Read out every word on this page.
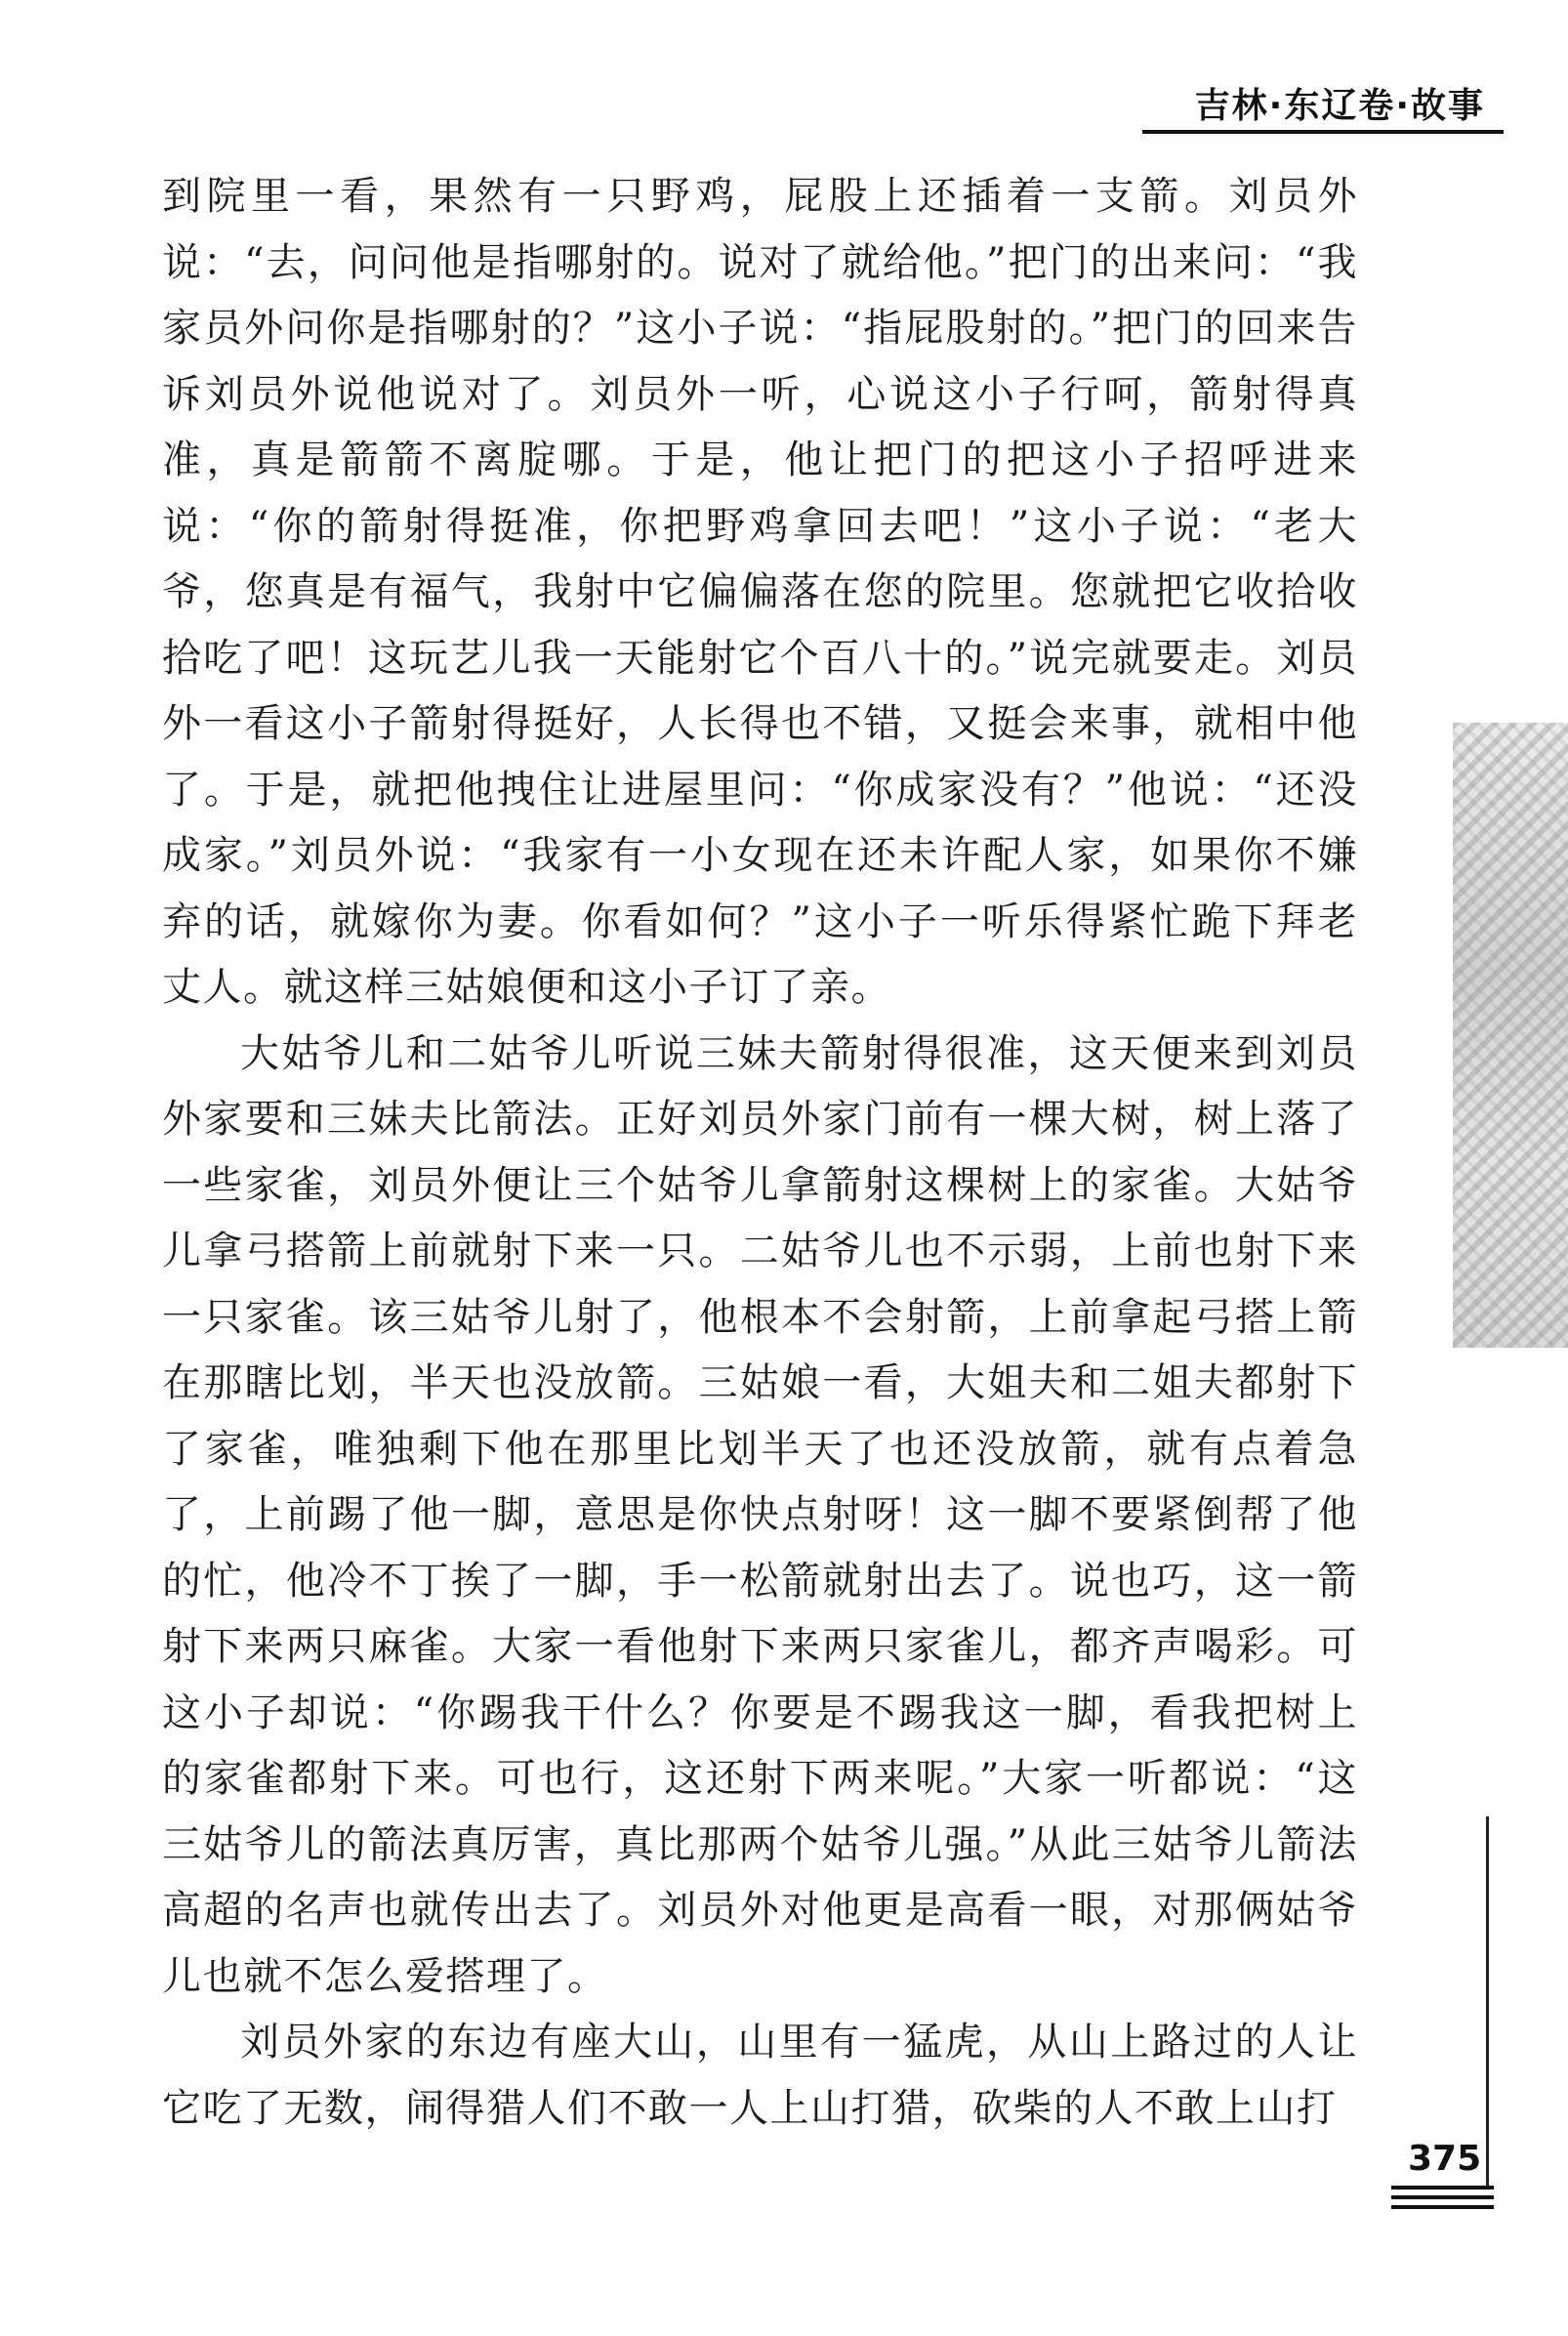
吉林·东辽卷·故事

到院里一看，果然有一只野鸡，屁股上还插着一支箭。刘员外说：“去，问问他是指哪射的。说对了就给他。”把门的出来问：“我家员外问你是指哪射的？”这小子说：“指屁股射的。”把门的回来告诉刘员外说他说对了。刘员外一听，心说这小子行呵，箭射得真准，真是箭箭不离腚哪。于是，他让把门的把这小子招呼进来说：“你的箭射得挺准，你把野鸡拿回去吧！”这小子说：“老大爷，您真是有福气，我射中它偏偏落在您的院里。您就把它收拾收拾吃了吧！这玩艺儿我一天能射它个百八十的。”说完就要走。刘员外一看这小子箭射得挺好，人长得也不错，又挺会来事，就相中他了。于是，就把他拽住让进屋里问：“你成家没有？”他说：“还没成家。”刘员外说：“我家有一小女现在还未许配人家，如果你不嫌弃的话，就嫁你为妻。你看如何？”这小子一听乐得紧忙跪下拜老丈人。就这样三姑娘便和这小子订了亲。

大姑爷儿和二姑爷儿听说三妹夫箭射得很准，这天便来到刘员外家要和三妹夫比箭法。正好刘员外家门前有一棵大树，树上落了一些家雀，刘员外便让三个姑爷儿拿箭射这棵树上的家雀。大姑爷儿拿弓搭箭上前就射下来一只。二姑爷儿也不示弱，上前也射下来一只家雀。该三姑爷儿射了，他根本不会射箭，上前拿起弓搭上箭在那瞎比划，半天也没放箭。三姑娘一看，大姐夫和二姐夫都射下了家雀，唯独剩下他在那里比划半天了也还没放箭，就有点着急了，上前踢了他一脚，意思是你快点射呀！这一脚不要紧倒帮了他的忙，他冷不丁挨了一脚，手一松箭就射出去了。说也巧，这一箭射下来两只麻雀。大家一看他射下来两只家雀儿，都齐声喝彩。可这小子却说：“你踢我干什么？你要是不踢我这一脚，看我把树上的家雀都射下来。可也行，这还射下两来呢。”大家一听都说：“这三姑爷儿的箭法真厉害，真比那两个姑爷儿强。”从此三姑爷儿箭法高超的名声也就传出去了。刘员外对他更是高看一眼，对那俩姑爷儿也就不怎么爱搭理了。

刘员外家的东边有座大山，山里有一猛虎，从山上路过的人让它吃了无数，闹得猎人们不敢一人上山打猎，砍柴的人不敢上山打

375
